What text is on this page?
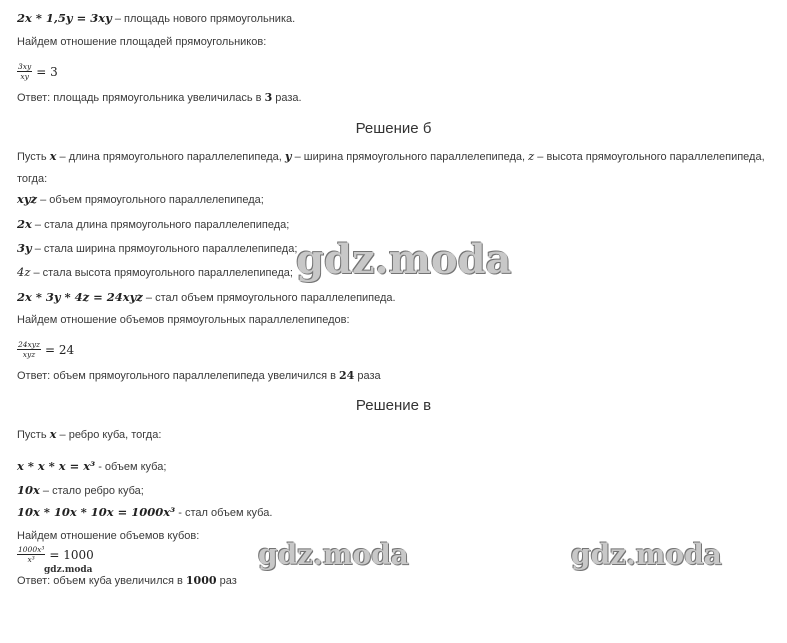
2x * 1,5y = 3xy – площадь нового прямоугольника.
Найдем отношение площадей прямоугольников:
$\frac{3xy}{xy} = 3$
Ответ: площадь прямоугольника увеличилась в 3 раза.
Решение б
Пусть x – длина прямоугольного параллелепипеда, y – ширина прямоугольного параллелепипеда, z – высота прямоугольного параллелепипеда,
тогда:
xyz – объем прямоугольного параллелепипеда;
2x – стала длина прямоугольного параллелепипеда;
3y – стала ширина прямоугольного параллелепипеда;
4z – стала высота прямоугольного параллелепипеда;
2x * 3y * 4z = 24xyz – стал объем прямоугольного параллелепипеда.
Найдем отношение объемов прямоугольных параллелепипедов:
24xyz
xyz = 24
Ответ: объем прямоугольного параллелепипеда увеличился в 24 раза
Решение в
Пусть x – ребро куба, тогда:
x * x * x = x³ - объем куба;
10x – стало ребро куба;
10x * 10x * 10x = 1000x³ - стал объем куба.
Найдем отношение объемов кубов:
$\frac{\text{1000x³}}{\text{x³}} = 1000$
Ответ: объем куба увеличился в 1000 раз
gdz.moda
gdz.moda	gdz.moda
gdz.moda
